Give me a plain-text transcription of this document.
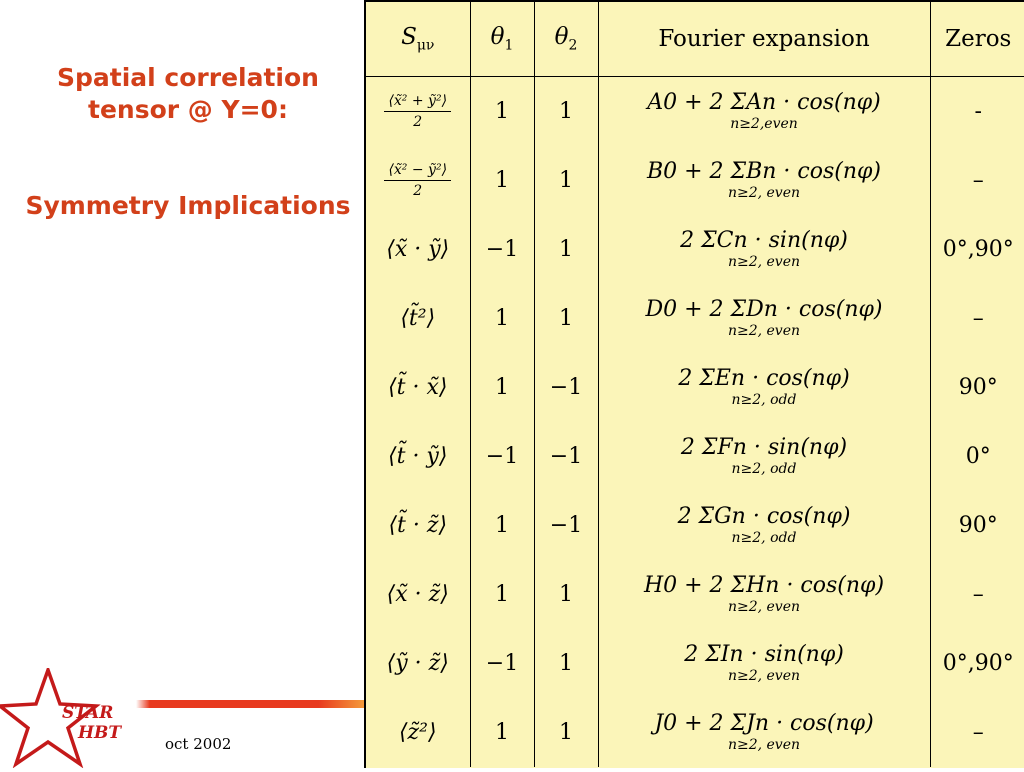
Spatial correlation tensor @ Y=0:
Symmetry Implications
$S_{\mu\nu}$	$\theta_1$	$\theta_2$	Fourier expansion	Zeros

$\frac{\text{⟨x̃² + ỹ²⟩}}{2}$	1	1	A0 + 2 ΣAn · cos(nφ)
n≥2,even	-

$\frac{\text{⟨x̃² − ỹ²⟩}}{2}$	1	1	B0 + 2 ΣBn · cos(nφ)
n≥2, even	–
⟨x̃ · ỹ⟩	−1	1	2 ΣCn · sin(nφ)
n≥2, even	0°,90°
⟨t̃²⟩	1	1	D0 + 2 ΣDn · cos(nφ)
n≥2, even	–
⟨t̃ · x̃⟩	1	−1	2 ΣEn · cos(nφ)
n≥2, odd	90°
⟨t̃ · ỹ⟩	−1	−1	2 ΣFn · sin(nφ)
n≥2, odd	0°
⟨t̃ · z̃⟩	1	−1	2 ΣGn · cos(nφ)
n≥2, odd	90°
⟨x̃ · z̃⟩	1	1	H0 + 2 ΣHn · cos(nφ)
n≥2, even	–
⟨ỹ · z̃⟩	−1	1	2 ΣIn · sin(nφ)
n≥2, even	0°,90°
⟨z̃²⟩	1	1	J0 + 2 ΣJn · cos(nφ)
n≥2, even	–
STAR
HBT
oct 2002
